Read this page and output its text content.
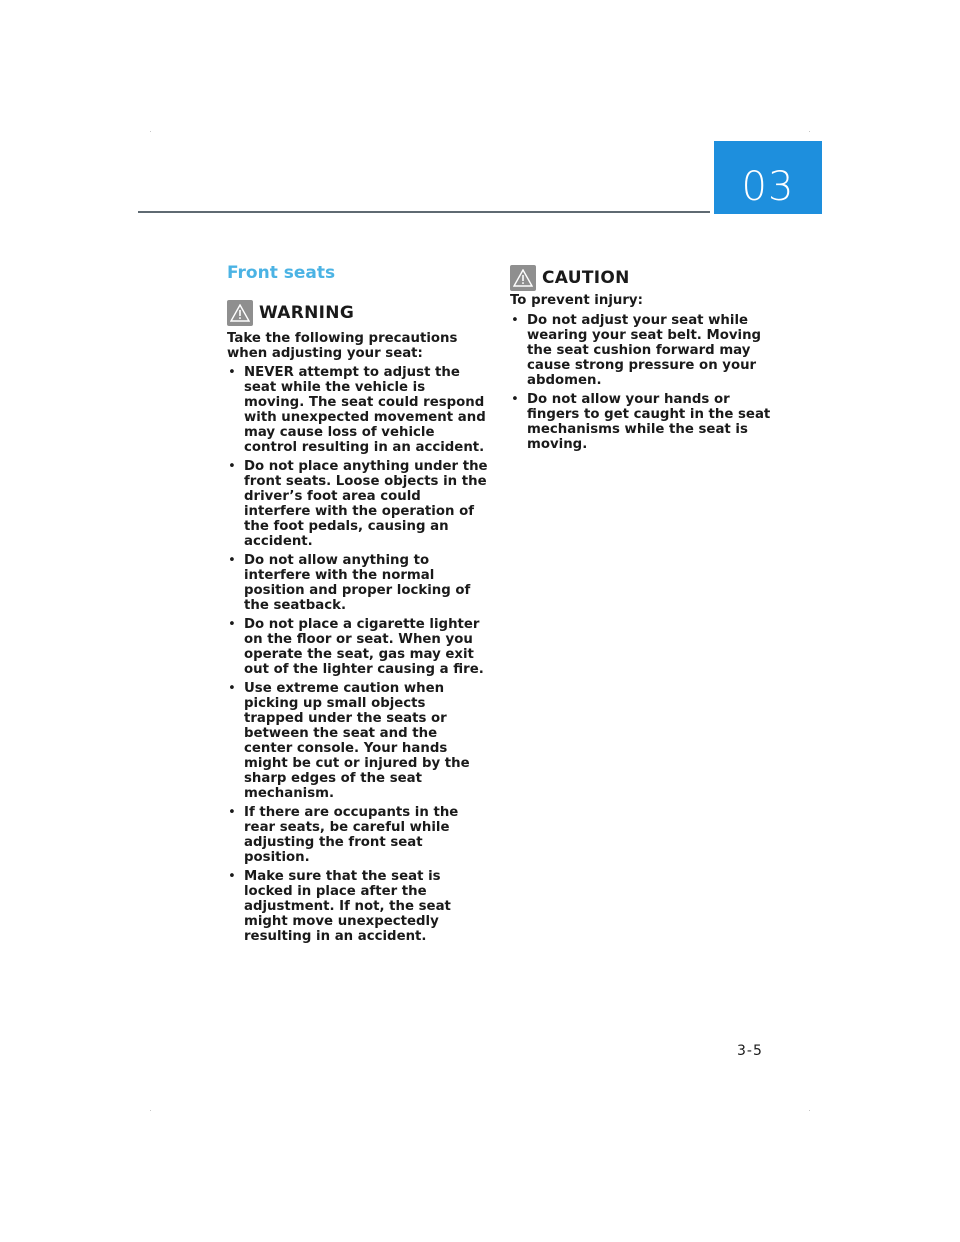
03
Front seats
WARNING
Take the following precautions when adjusting your seat:
• NEVER attempt to adjust the seat while the vehicle is moving. The seat could respond with unexpected movement and may cause loss of vehicle control resulting in an accident.
• Do not place anything under the front seats. Loose objects in the driver’s foot area could interfere with the operation of the foot pedals, causing an accident.
• Do not allow anything to interfere with the normal position and proper locking of the seatback.
• Do not place a cigarette lighter on the floor or seat. When you operate the seat, gas may exit out of the lighter causing a fire.
• Use extreme caution when picking up small objects trapped under the seats or between the seat and the center console. Your hands might be cut or injured by the sharp edges of the seat mechanism.
• If there are occupants in the rear seats, be careful while adjusting the front seat position.
• Make sure that the seat is locked in place after the adjustment. If not, the seat might move unexpectedly resulting in an accident.
CAUTION
To prevent injury:
• Do not adjust your seat while wearing your seat belt. Moving the seat cushion forward may cause strong pressure on your abdomen.
• Do not allow your hands or fingers to get caught in the seat mechanisms while the seat is moving.
3-5
